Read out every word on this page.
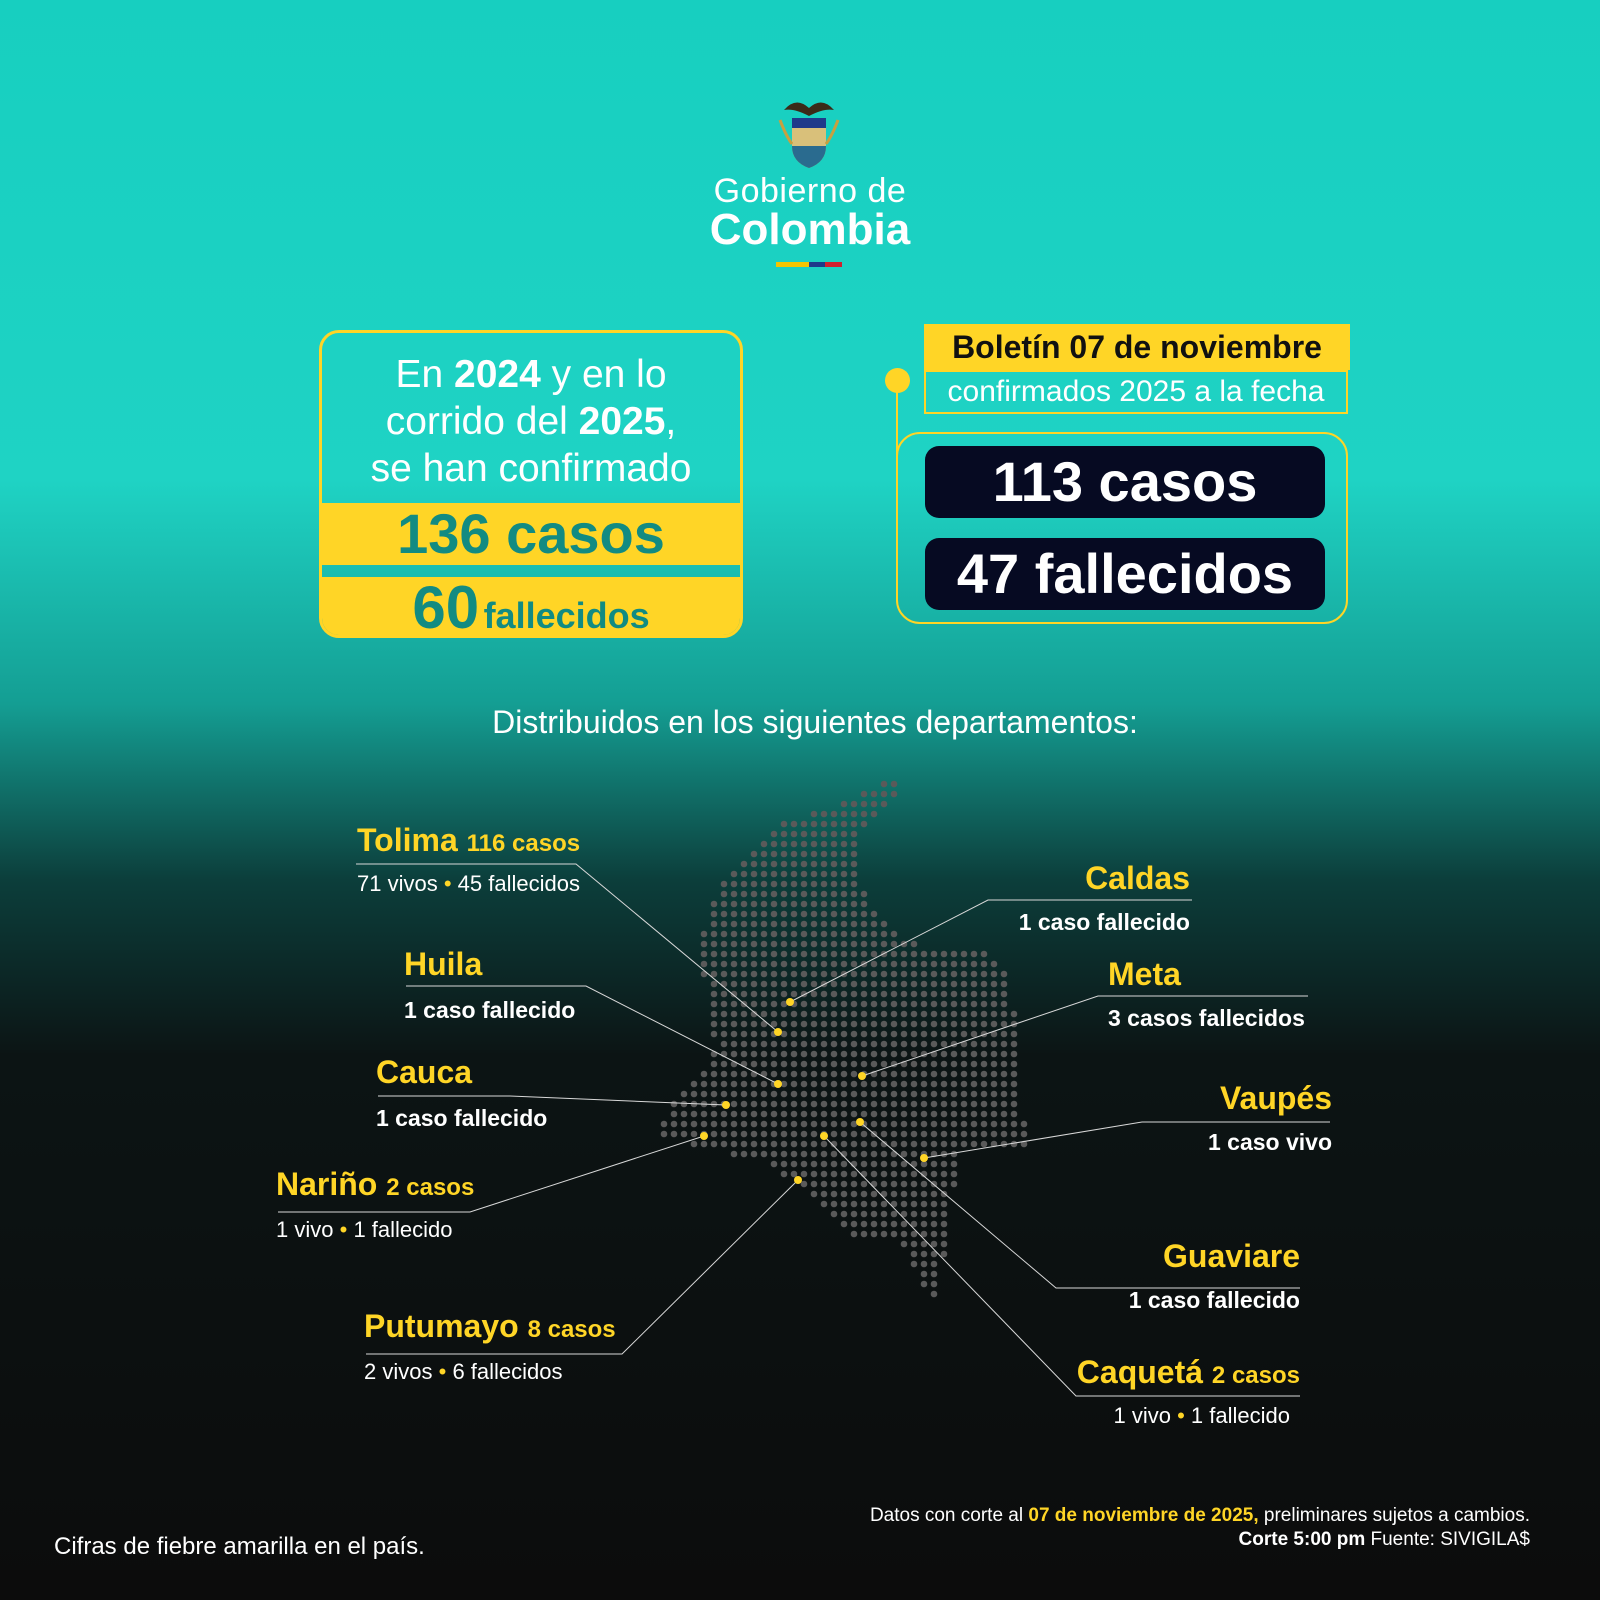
Gobierno de
Colombia
En 2024 y en lo
corrido del 2025,
se han confirmado
136 casos
60 fallecidos
Boletín 07 de noviembre
confirmados 2025 a la fecha
113 casos
47 fallecidos
Distribuidos en los siguientes departamentos:
Tolima 116 casos
71 vivos • 45 fallecidos
Huila
1 caso fallecido
Cauca
1 caso fallecido
Nariño 2 casos
1 vivo • 1 fallecido
Putumayo 8 casos
2 vivos • 6 fallecidos
Caldas
1 caso fallecido
Meta
3 casos fallecidos
Vaupés
1 caso vivo
Guaviare
1 caso fallecido
Caquetá 2 casos
1 vivo • 1 fallecido
Cifras de fiebre amarilla en el país.
Datos con corte al 07 de noviembre de 2025, preliminares sujetos a cambios.
Corte 5:00 pm Fuente: SIVIGILA$
